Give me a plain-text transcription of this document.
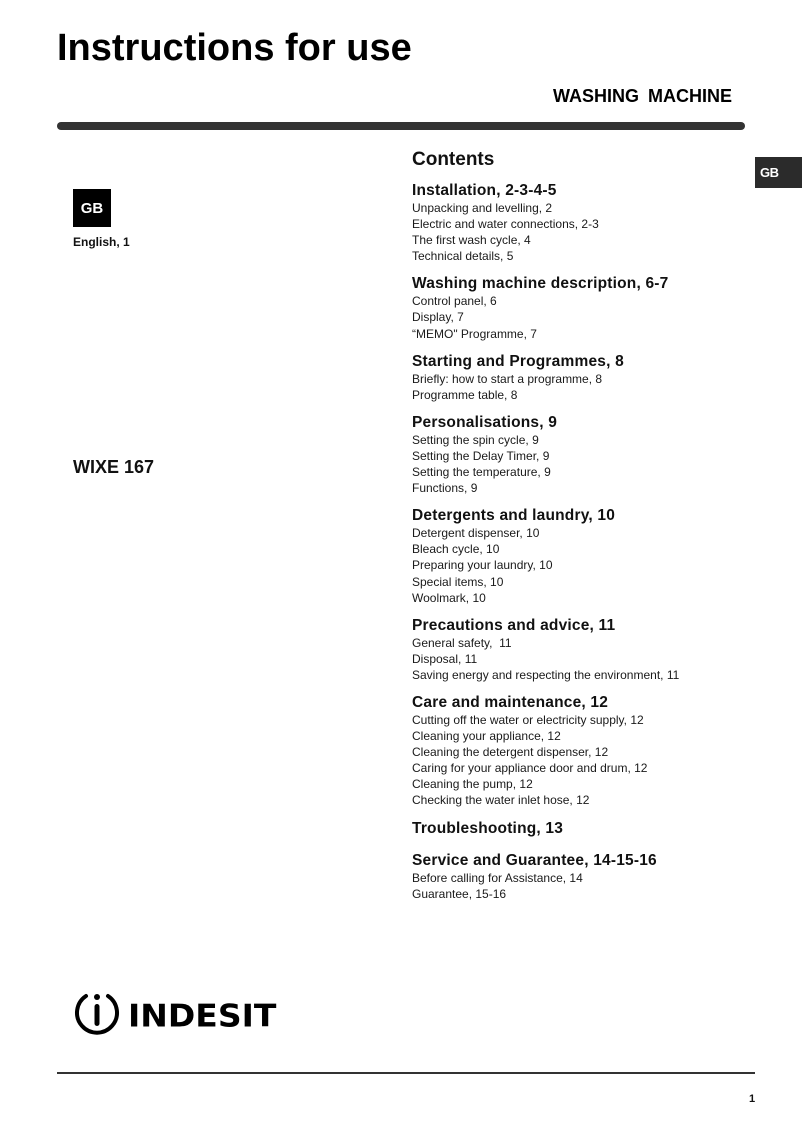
Instructions for use
WASHING MACHINE
GB
GB
English, 1
WIXE 167
Contents
Installation, 2-3-4-5
Unpacking and levelling, 2
Electric and water connections, 2-3
The first wash cycle, 4
Technical details, 5
Washing machine description, 6-7
Control panel, 6
Display, 7
“MEMO" Programme, 7
Starting and Programmes, 8
Briefly: how to start a programme, 8
Programme table, 8
Personalisations, 9
Setting the spin cycle, 9
Setting the Delay Timer, 9
Setting the temperature, 9
Functions, 9
Detergents and laundry, 10
Detergent dispenser, 10
Bleach cycle, 10
Preparing your laundry, 10
Special items, 10
Woolmark, 10
Precautions and advice, 11
General safety,  11
Disposal, 11
Saving energy and respecting the environment, 11
Care and maintenance, 12
Cutting off the water or electricity supply, 12
Cleaning your appliance, 12
Cleaning the detergent dispenser, 12
Caring for your appliance door and drum, 12
Cleaning the pump, 12
Checking the water inlet hose, 12
Troubleshooting, 13
Service and Guarantee, 14-15-16
Before calling for Assistance, 14
Guarantee, 15-16
INDESIT
1
